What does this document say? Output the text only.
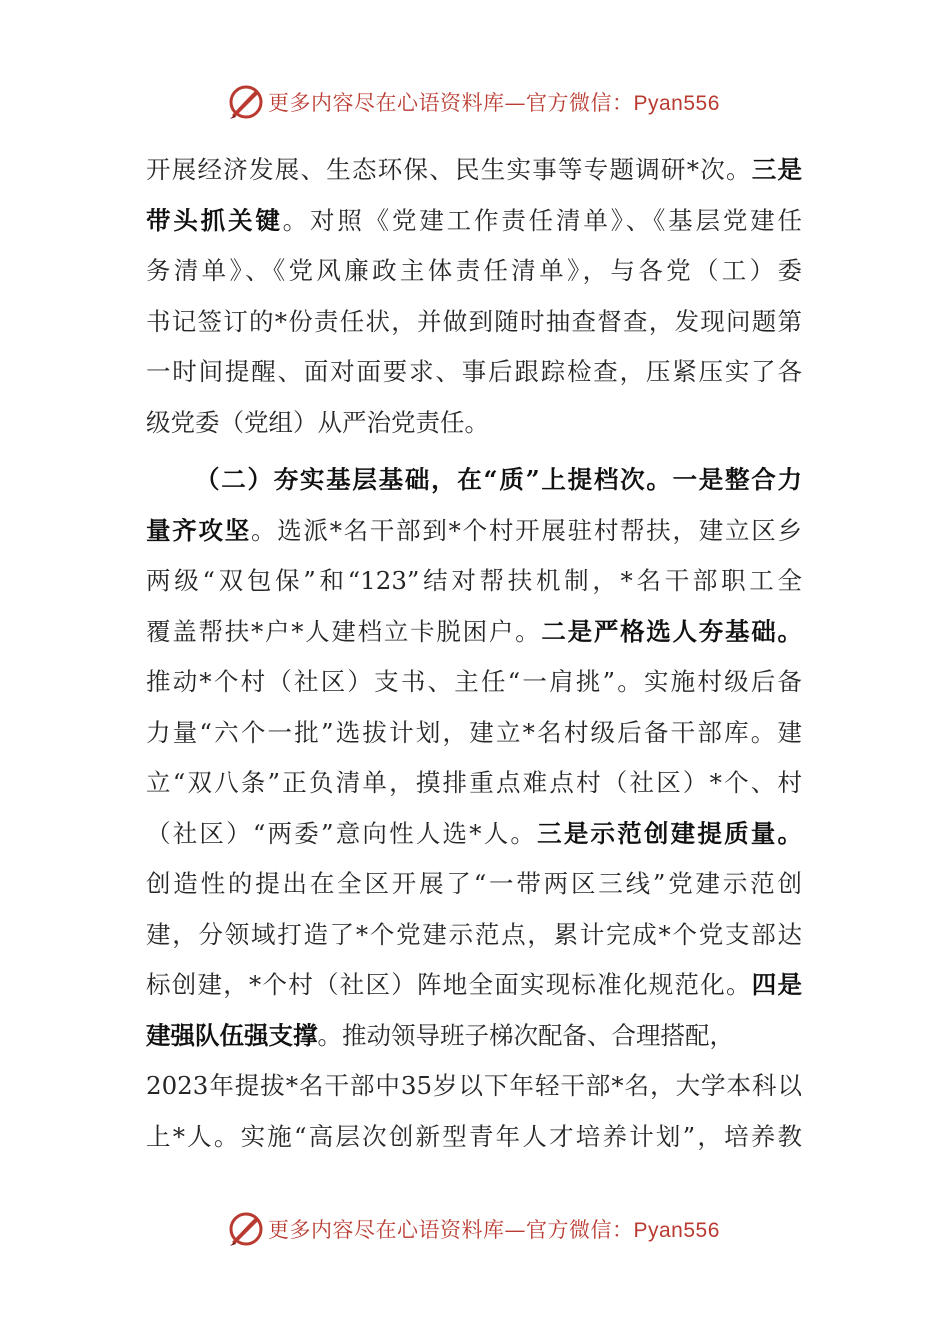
更多内容尽在心语资料库—官方微信：Pyan556
开展经济发展、生态环保、民生实事等专题调研*次。三是
带头抓关键。对照《党建工作责任清单》、《基层党建任
务清单》、《党风廉政主体责任清单》，与各党（工）委
书记签订的*份责任状，并做到随时抽查督查，发现问题第
一时间提醒、面对面要求、事后跟踪检查，压紧压实了各
级党委（党组）从严治党责任。
（二）夯实基层基础，在“质”上提档次。一是整合力
量齐攻坚。选派*名干部到*个村开展驻村帮扶，建立区乡
两级“双包保”和“123”结对帮扶机制，*名干部职工全
覆盖帮扶*户*人建档立卡脱困户。二是严格选人夯基础。
推动*个村（社区）支书、主任“一肩挑”。实施村级后备
力量“六个一批”选拔计划，建立*名村级后备干部库。建
立“双八条”正负清单，摸排重点难点村（社区）*个、村
（社区）“两委”意向性人选*人。三是示范创建提质量。
创造性的提出在全区开展了“一带两区三线”党建示范创
建，分领域打造了*个党建示范点，累计完成*个党支部达
标创建，*个村（社区）阵地全面实现标准化规范化。四是
建强队伍强支撑。推动领导班子梯次配备、合理搭配，
2023年提拔*名干部中35岁以下年轻干部*名，大学本科以
上*人。实施“高层次创新型青年人才培养计划”，培养教
更多内容尽在心语资料库—官方微信：Pyan556
